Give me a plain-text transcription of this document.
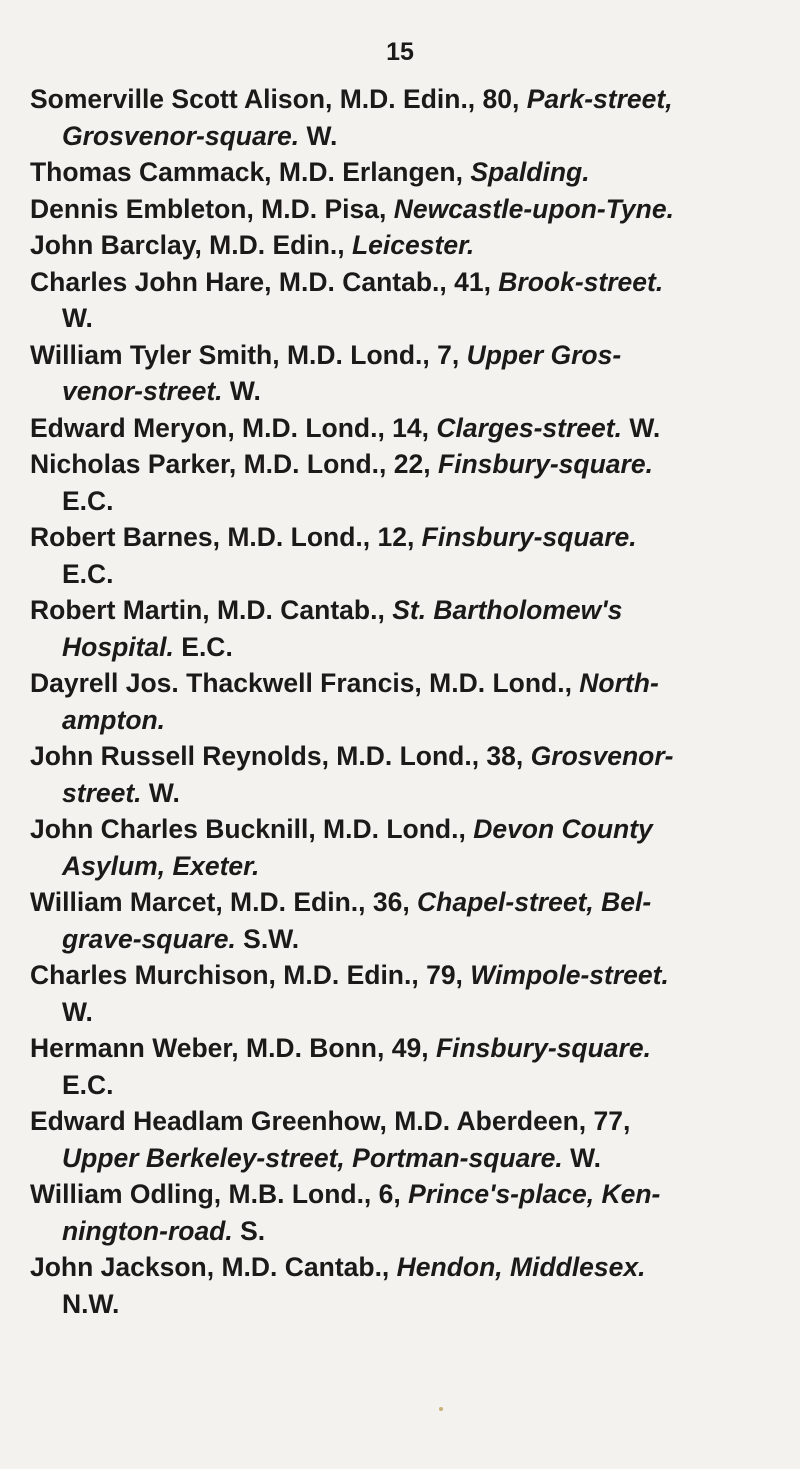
15

Somerville Scott Alison, M.D. Edin., 80, Park-street,
Grosvenor-square. W.

Thomas Cammack, M.D. Erlangen, Spalding.

Dennis Embleton, M.D. Pisa, Newcastle-upon-Tyne.

John Barclay, M.D. Edin., Leicester.

Charles John Hare, M.D. Cantab., 41, Brook-street.
W.

William Tyler Smith, M.D. Lond., 7, Upper Gros-
venor-street. W.

Edward Meryon, M.D. Lond., 14, Clarges-street. W.

Nicholas Parker, M.D. Lond., 22, Finsbury-square.
E.C.

Robert Barnes, M.D. Lond., 12, Finsbury-square.
E.C.

Robert Martin, M.D. Cantab., St. Bartholomew's
Hospital. E.C.

Dayrell Jos. Thackwell Francis, M.D. Lond., North-
ampton.

John Russell Reynolds, M.D. Lond., 38, Grosvenor-
street. W.

John Charles Bucknill, M.D. Lond., Devon County
Asylum, Exeter.

William Marcet, M.D. Edin., 36, Chapel-street, Bel-
grave-square. S.W.

Charles Murchison, M.D. Edin., 79, Wimpole-street.
W.

Hermann Weber, M.D. Bonn, 49, Finsbury-square.
E.C.

Edward Headlam Greenhow, M.D. Aberdeen, 77,
Upper Berkeley-street, Portman-square. W.

William Odling, M.B. Lond., 6, Prince's-place, Ken-
nington-road. S.

John Jackson, M.D. Cantab., Hendon, Middlesex.
N.W.
